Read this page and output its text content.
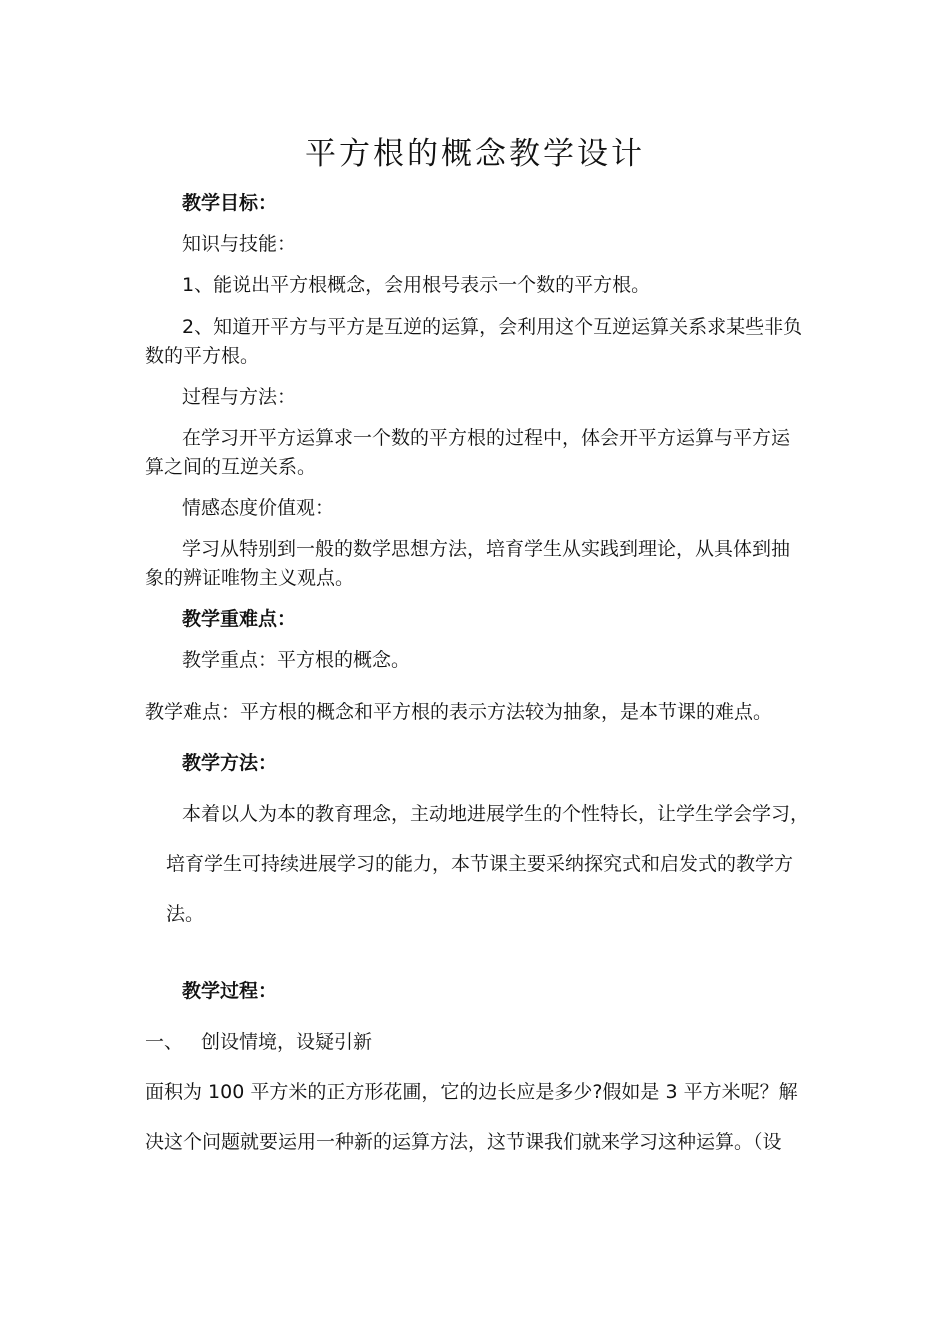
平方根的概念教学设计
教学目标：
知识与技能：
1、能说出平方根概念，会用根号表示一个数的平方根。
2、知道开平方与平方是互逆的运算，会利用这个互逆运算关系求某些非负
数的平方根。
过程与方法：
在学习开平方运算求一个数的平方根的过程中，体会开平方运算与平方运
算之间的互逆关系。
情感态度价值观：
学习从特别到一般的数学思想方法，培育学生从实践到理论，从具体到抽
象的辨证唯物主义观点。
教学重难点：
教学重点：平方根的概念。
教学难点：平方根的概念和平方根的表示方法较为抽象，是本节课的难点。
教学方法：
本着以人为本的教育理念，主动地进展学生的个性特长，让学生学会学习，
培育学生可持续进展学习的能力，本节课主要采纳探究式和启发式的教学方
法。
教学过程：
一、 创设情境，设疑引新
面积为 100 平方米的正方形花圃，它的边长应是多少?假如是 3 平方米呢？解
决这个问题就要运用一种新的运算方法，这节课我们就来学习这种运算。（设
